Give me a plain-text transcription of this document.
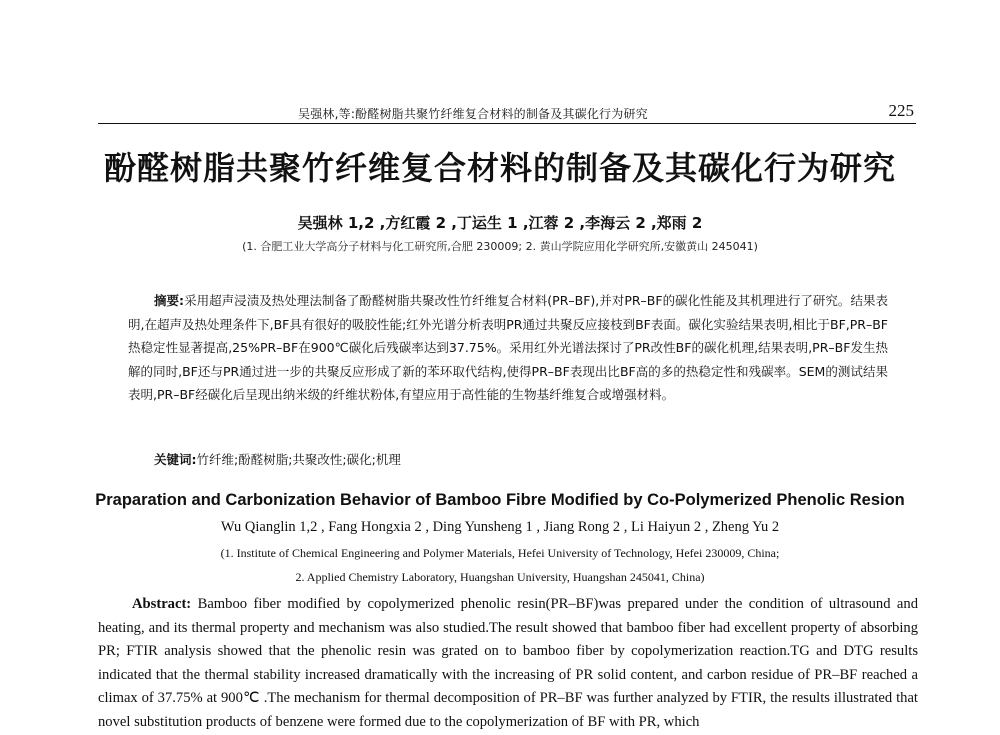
吴强林,等:酚醛树脂共聚竹纤维复合材料的制备及其碳化行为研究	225
酚醛树脂共聚竹纤维复合材料的制备及其碳化行为研究
吴强林 1,2 ,方红霞 2 ,丁运生 1 ,江蓉 2 ,李海云 2 ,郑雨 2
(1. 合肥工业大学高分子材料与化工研究所,合肥 230009; 2. 黄山学院应用化学研究所,安徽黄山 245041)
摘要:采用超声浸渍及热处理法制备了酚醛树脂共聚改性竹纤维复合材料(PR–BF),并对PR–BF的碳化性能及其机理进行了研究。结果表明,在超声及热处理条件下,BF具有很好的吸胶性能;红外光谱分析表明PR通过共聚反应接枝到BF表面。碳化实验结果表明,相比于BF,PR–BF热稳定性显著提高,25%PR–BF在900℃碳化后残碳率达到37.75%。采用红外光谱法探讨了PR改性BF的碳化机理,结果表明,PR–BF发生热解的同时,BF还与PR通过进一步的共聚反应形成了新的苯环取代结构,使得PR–BF表现出比BF高的多的热稳定性和残碳率。SEM的测试结果表明,PR–BF经碳化后呈现出纳米级的纤维状粉体,有望应用于高性能的生物基纤维复合或增强材料。
关键词:竹纤维;酚醛树脂;共聚改性;碳化;机理
Praparation and Carbonization Behavior of Bamboo Fibre Modified by Co-Polymerized Phenolic Resion
Wu Qianglin 1,2 , Fang Hongxia 2 , Ding Yunsheng 1 , Jiang Rong 2 , Li Haiyun 2 , Zheng Yu 2
(1. Institute of Chemical Engineering and Polymer Materials, Hefei University of Technology, Hefei 230009, China;
2. Applied Chemistry Laboratory, Huangshan University, Huangshan 245041, China)
Abstract: Bamboo fiber modified by copolymerized phenolic resin(PR–BF)was prepared under the condition of ultrasound and heating, and its thermal property and mechanism was also studied.The result showed that bamboo fiber had excellent property of absorbing PR; FTIR analysis showed that the phenolic resin was grated on to bamboo fiber by copolymerization reaction.TG and DTG results indicated that the thermal stability increased dramatically with the increasing of PR solid content, and carbon residue of PR–BF reached a climax of 37.75% at 900℃ .The mechanism for thermal decomposition of PR–BF was further analyzed by FTIR, the results illustrated that novel substitution products of benzene were formed due to the copolymerization of BF with PR, which
